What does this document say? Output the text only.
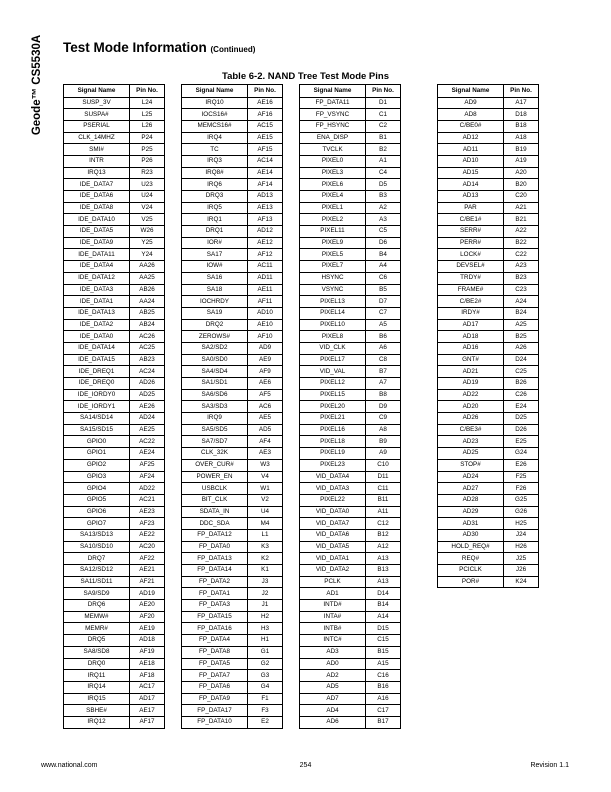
Geode™ CS5530A Test Mode Information (Continued)
Table 6-2. NAND Tree Test Mode Pins
Signal Name	Pin No.
SUSP_3V	L24
SUSPA#	L25
PSERIAL	L26
CLK_14MHZ	P24
SMI#	P25
INTR	P26
IRQ13	R23
IDE_DATA7	U23
IDE_DATA6	U24
IDE_DATA8	V24
IDE_DATA10	V25
IDE_DATA5	W26
IDE_DATA9	Y25
IDE_DATA11	Y24
IDE_DATA4	AA26
IDE_DATA12	AA25
IDE_DATA3	AB26
IDE_DATA1	AA24
IDE_DATA13	AB25
IDE_DATA2	AB24
IDE_DATA0	AC26
IDE_DATA14	AC25
IDE_DATA15	AB23
IDE_DREQ1	AC24
IDE_DREQ0	AD26
IDE_IORDY0	AD25
IDE_IORDY1	AE26
SA14/SD14	AD24
SA15/SD15	AE25
GPIO0	AC22
GPIO1	AE24
GPIO2	AF25
GPIO3	AF24
GPIO4	AD22
GPIO5	AC21
GPIO6	AE23
GPIO7	AF23
SA13/SD13	AE22
SA10/SD10	AC20
DRQ7	AF22
SA12/SD12	AE21
SA11/SD11	AF21
SA9/SD9	AD19
DRQ6	AE20
MEMW#	AF20
MEMR#	AE19
DRQ5	AD18
SA8/SD8	AF19
DRQ0	AE18
IRQ11	AF18
IRQ14	AC17
IRQ15	AD17
SBHE#	AE17
IRQ12	AF17
Signal Name	Pin No.
IRQ10	AE16
IOCS16#	AF16
MEMCS16#	AC15
IRQ4	AE15
TC	AF15
IRQ3	AC14
IRQ8#	AE14
IRQ6	AF14
DRQ3	AD13
IRQ5	AE13
IRQ1	AF13
DRQ1	AD12
IOR#	AE12
SA17	AF12
IOW#	AC11
SA16	AD11
SA18	AE11
IOCHRDY	AF11
SA19	AD10
DRQ2	AE10
ZEROWS#	AF10
SA2/SD2	AD9
SA0/SD0	AE9
SA4/SD4	AF9
SA1/SD1	AE6
SA6/SD6	AF5
SA3/SD3	AC6
IRQ9	AE5
SA5/SD5	AD5
SA7/SD7	AF4
CLK_32K	AE3
OVER_CUR#	W3
POWER_EN	V4
USBCLK	W1
BIT_CLK	V2
SDATA_IN	U4
DDC_SDA	M4
FP_DATA12	L1
FP_DATA0	K3
FP_DATA13	K2
FP_DATA14	K1
FP_DATA2	J3
FP_DATA1	J2
FP_DATA3	J1
FP_DATA15	H2
FP_DATA16	H3
FP_DATA4	H1
FP_DATA8	G1
FP_DATA5	G2
FP_DATA7	G3
FP_DATA6	G4
FP_DATA9	F1
FP_DATA17	F3
FP_DATA10	E2
Signal Name	Pin No.
FP_DATA11	D1
FP_VSYNC	C1
FP_HSYNC	C2
ENA_DISP	B1
TVCLK	B2
PIXEL0	A1
PIXEL3	C4
PIXEL6	D5
PIXEL4	B3
PIXEL1	A2
PIXEL2	A3
PIXEL11	C5
PIXEL9	D6
PIXEL5	B4
PIXEL7	A4
HSYNC	C6
VSYNC	B5
PIXEL13	D7
PIXEL14	C7
PIXEL10	A5
PIXEL8	B6
VID_CLK	A6
PIXEL17	C8
VID_VAL	B7
PIXEL12	A7
PIXEL15	B8
PIXEL20	D9
PIXEL21	C9
PIXEL16	A8
PIXEL18	B9
PIXEL19	A9
PIXEL23	C10
VID_DATA4	D11
VID_DATA3	C11
PIXEL22	B11
VID_DATA0	A11
VID_DATA7	C12
VID_DATA6	B12
VID_DATA5	A12
VID_DATA1	A13
VID_DATA2	B13
PCLK	A13
AD1	D14
INTD#	B14
INTA#	A14
INTB#	D15
INTC#	C15
AD3	B15
AD0	A15
AD2	C16
AD5	B16
AD7	A16
AD4	C17
AD6	B17
Signal Name	Pin No.
AD9	A17
AD8	D18
C/BE0#	B18
AD12	A18
AD11	B19
AD10	A19
AD15	A20
AD14	B20
AD13	C20
PAR	A21
C/BE1#	B21
SERR#	A22
PERR#	B22
LOCK#	C22
DEVSEL#	A23
TRDY#	B23
FRAME#	C23
C/BE2#	A24
IRDY#	B24
AD17	A25
AD18	B25
AD16	A26
GNT#	D24
AD21	C25
AD19	B26
AD22	C26
AD20	E24
AD26	D25
C/BE3#	D26
AD23	E25
AD25	G24
STOP#	E26
AD24	F25
AD27	F26
AD28	G25
AD29	G26
AD31	H25
AD30	J24
HOLD_REQ#	H26
REQ#	J25
PCICLK	J26
POR#	K24
www.national.com	254	Revision 1.1
